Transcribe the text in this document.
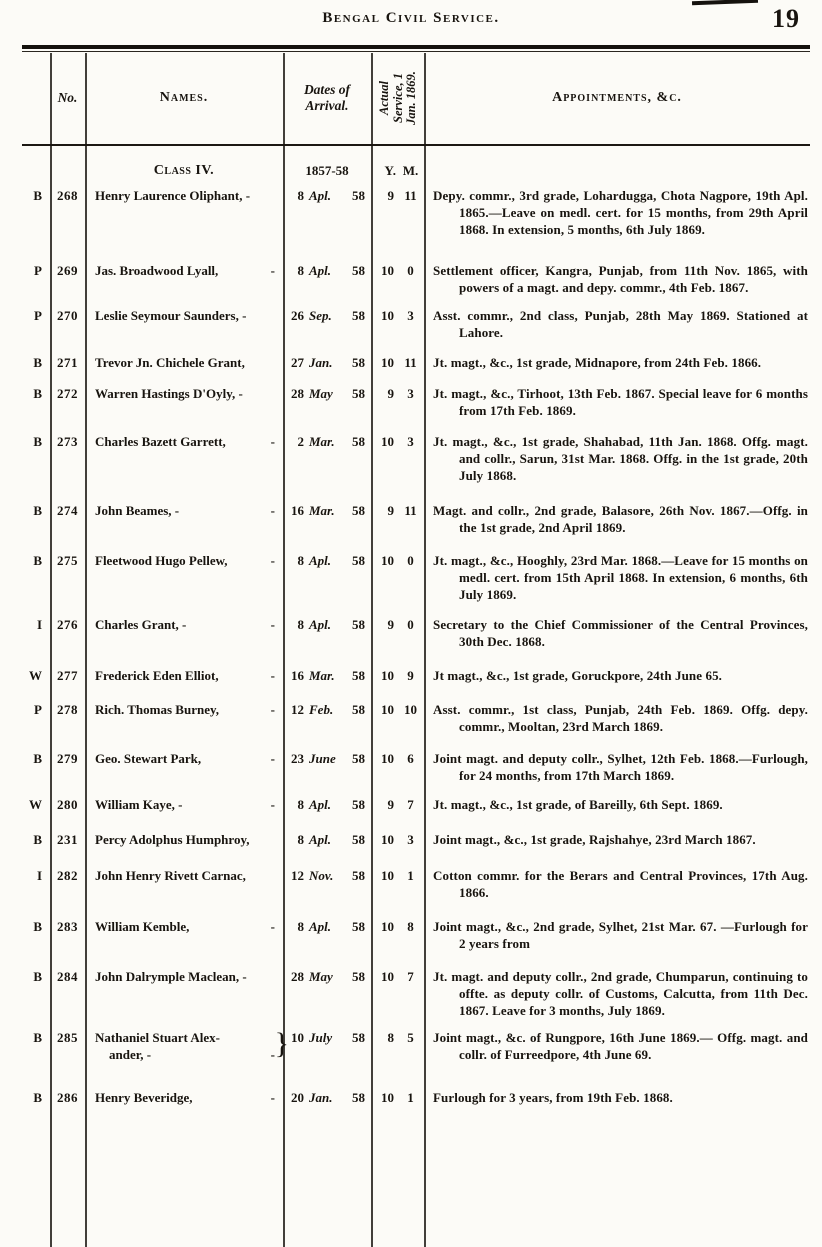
Bengal Civil Service.	19
No.	Names.
Dates of
Arrival.	Actual Service, 1 Jan. 1869.	Appointments, &c.
Class IV.	1857-58	Y. M.
B	268	Henry Laurence Oliphant, -	8 Apl. 58	9 11	Depy. commr., 3rd grade, Lohardugga, Chota Nagpore, 19th Apl. 1865.—Leave on medl. cert. for 15 months, from 29th April 1868. In extension, 5 months, 6th July 1869.
P	269	Jas. Broadwood Lyall,	-	8 Apl. 58	10	0	Settlement officer, Kangra, Punjab, from 11th Nov. 1865, with powers of a magt. and depy. commr., 4th Feb. 1867.
P	270	Leslie Seymour Saunders, -	26 Sep. 58	10	3	Asst. commr., 2nd class, Punjab, 28th May 1869. Stationed at Lahore.
B	271	Trevor Jn. Chichele Grant,	27 Jan. 58	10 11	Jt. magt., &c., 1st grade, Midnapore, from 24th Feb. 1866.
B	272	Warren Hastings D'Oyly, -	28 May 58	9	3	Jt. magt., &c., Tirhoot, 13th Feb. 1867. Special leave for 6 months from 17th Feb. 1869.
B	273	Charles Bazett Garrett,	-	2 Mar. 58	10	3	Jt. magt., &c., 1st grade, Shahabad, 11th Jan. 1868. Offg. magt. and collr., Sarun, 31st Mar. 1868. Offg. in the 1st grade, 20th July 1868.
B	274	John Beames, -	-	16 Mar. 58	9 11	Magt. and collr., 2nd grade, Balasore, 26th Nov. 1867.—Offg. in the 1st grade, 2nd April 1869.
B	275	Fleetwood Hugo Pellew,	-	8 Apl. 58	10	0	Jt. magt., &c., Hooghly, 23rd Mar. 1868.—Leave for 15 months on medl. cert. from 15th April 1868. In extension, 6 months, 6th July 1869.
I	276	Charles Grant, -	-	8 Apl. 58	9	0	Secretary to the Chief Commissioner of the Central Provinces, 30th Dec. 1868.
W	277	Frederick Eden Elliot,	-	16 Mar. 58	10	9	Jt magt., &c., 1st grade, Goruckpore, 24th June 65.
P	278	Rich. Thomas Burney,	-	12 Feb. 58	10 10	Asst. commr., 1st class, Punjab, 24th Feb. 1869. Offg. depy. commr., Mooltan, 23rd March 1869.
B	279	Geo. Stewart Park,	-	23 June 58	10	6	Joint magt. and deputy collr., Sylhet, 12th Feb. 1868.—Furlough, for 24 months, from 17th March 1869.
W	280	William Kaye, -	-	8 Apl. 58	9	7	Jt. magt., &c., 1st grade, of Bareilly, 6th Sept. 1869.
B	231	Percy Adolphus Humphroy,	8 Apl. 58	10	3	Joint magt., &c., 1st grade, Rajshahye, 23rd March 1867.
I	282	John Henry Rivett Carnac,	12 Nov. 58	10	1	Cotton commr. for the Berars and Central Provinces, 17th Aug. 1866.
B	283	William Kemble,	-	8 Apl. 58	10	8	Joint magt., &c., 2nd grade, Sylhet, 21st Mar. 67. —Furlough for 2 years from
B	284	John Dalrymple Maclean, -	28 May 58	10	7	Jt. magt. and deputy collr., 2nd grade, Chumparun, continuing to offte. as deputy collr. of Customs, Calcutta, from 11th Dec. 1867. Leave for 3 months, July 1869.
B	285	Nathaniel Stuart Alex-
ander, -	- } 10 July 58	8	5	Joint magt., &c. of Rungpore, 16th June 1869.— Offg. magt. and collr. of Furreedpore, 4th June 69.
B	286	Henry Beveridge,	-	20 Jan. 58	10	1	Furlough for 3 years, from 19th Feb. 1868.
